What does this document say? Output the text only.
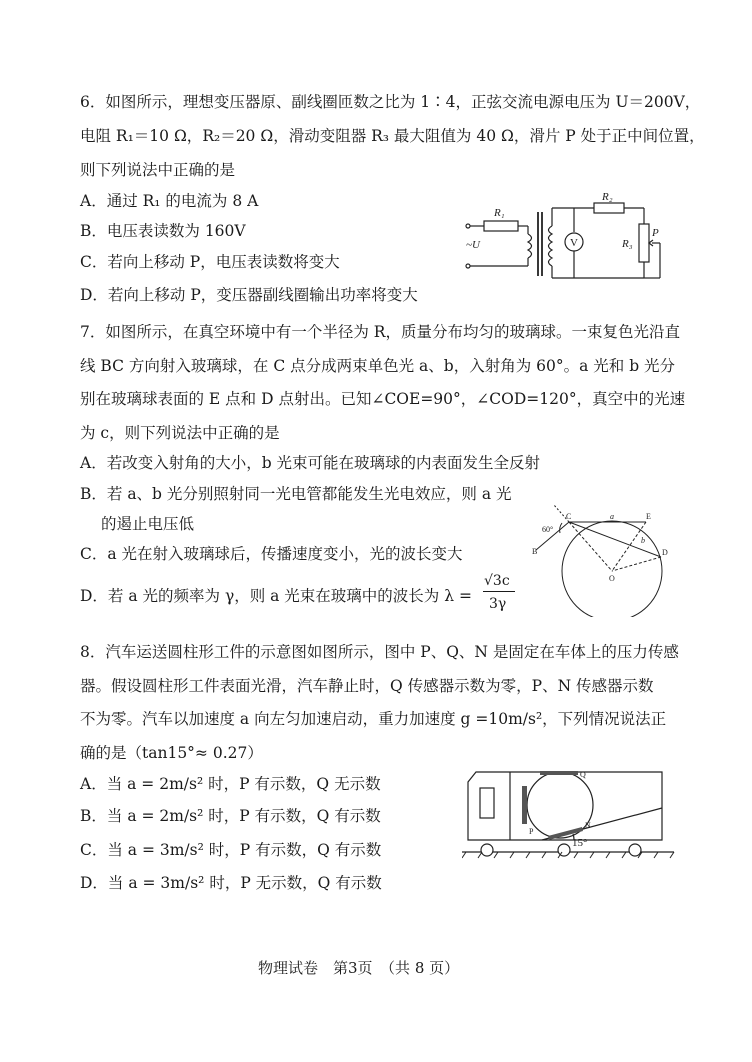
6．如图所示，理想变压器原、副线圈匝数之比为 1∶4，正弦交流电源电压为 U＝200V，
电阻 R₁＝10 Ω，R₂＝20 Ω，滑动变阻器 R₃ 最大阻值为 40 Ω，滑片 P 处于正中间位置，
则下列说法中正确的是
A．通过 R₁ 的电流为 8 A
B．电压表读数为 160V
C．若向上移动 P，电压表读数将变大
D．若向上移动 P，变压器副线圈输出功率将变大
R₁
R₂
R₃
P
~U	V
7．如图所示，在真空环境中有一个半径为 R，质量分布均匀的玻璃球。一束复色光沿直
线 BC 方向射入玻璃球，在 C 点分成两束单色光 a、b，入射角为 60°。a 光和 b 光分
别在玻璃球表面的 E 点和 D 点射出。已知∠COE=90°，∠COD=120°，真空中的光速
为 c，则下列说法中正确的是
A．若改变入射角的大小，b 光束可能在玻璃球的内表面发生全反射
B．若 a、b 光分别照射同一光电管都能发生光电效应，则 a 光
的遏止电压低
C．a 光在射入玻璃球后，传播速度变小，光的波长变大
D．若 a 光的频率为 γ，则 a 光束在玻璃中的波长为 λ =
√3c
3γ
60°
C	E
D
B
O
a
b
8．汽车运送圆柱形工件的示意图如图所示，图中 P、Q、N 是固定在车体上的压力传感
器。假设圆柱形工件表面光滑，汽车静止时，Q 传感器示数为零，P、N 传感器示数
不为零。汽车以加速度 a 向左匀加速启动，重力加速度 g =10m/s²，下列情况说法正
确的是（tan15°≈ 0.27）
A．当 a = 2m/s² 时，P 有示数，Q 无示数
B．当 a = 2m/s² 时，P 有示数，Q 有示数
C．当 a = 3m/s² 时，P 有示数，Q 有示数
D．当 a = 3m/s² 时，P 无示数，Q 有示数
Q
P
N
15°
物理试卷　第3页　（共 8 页）
